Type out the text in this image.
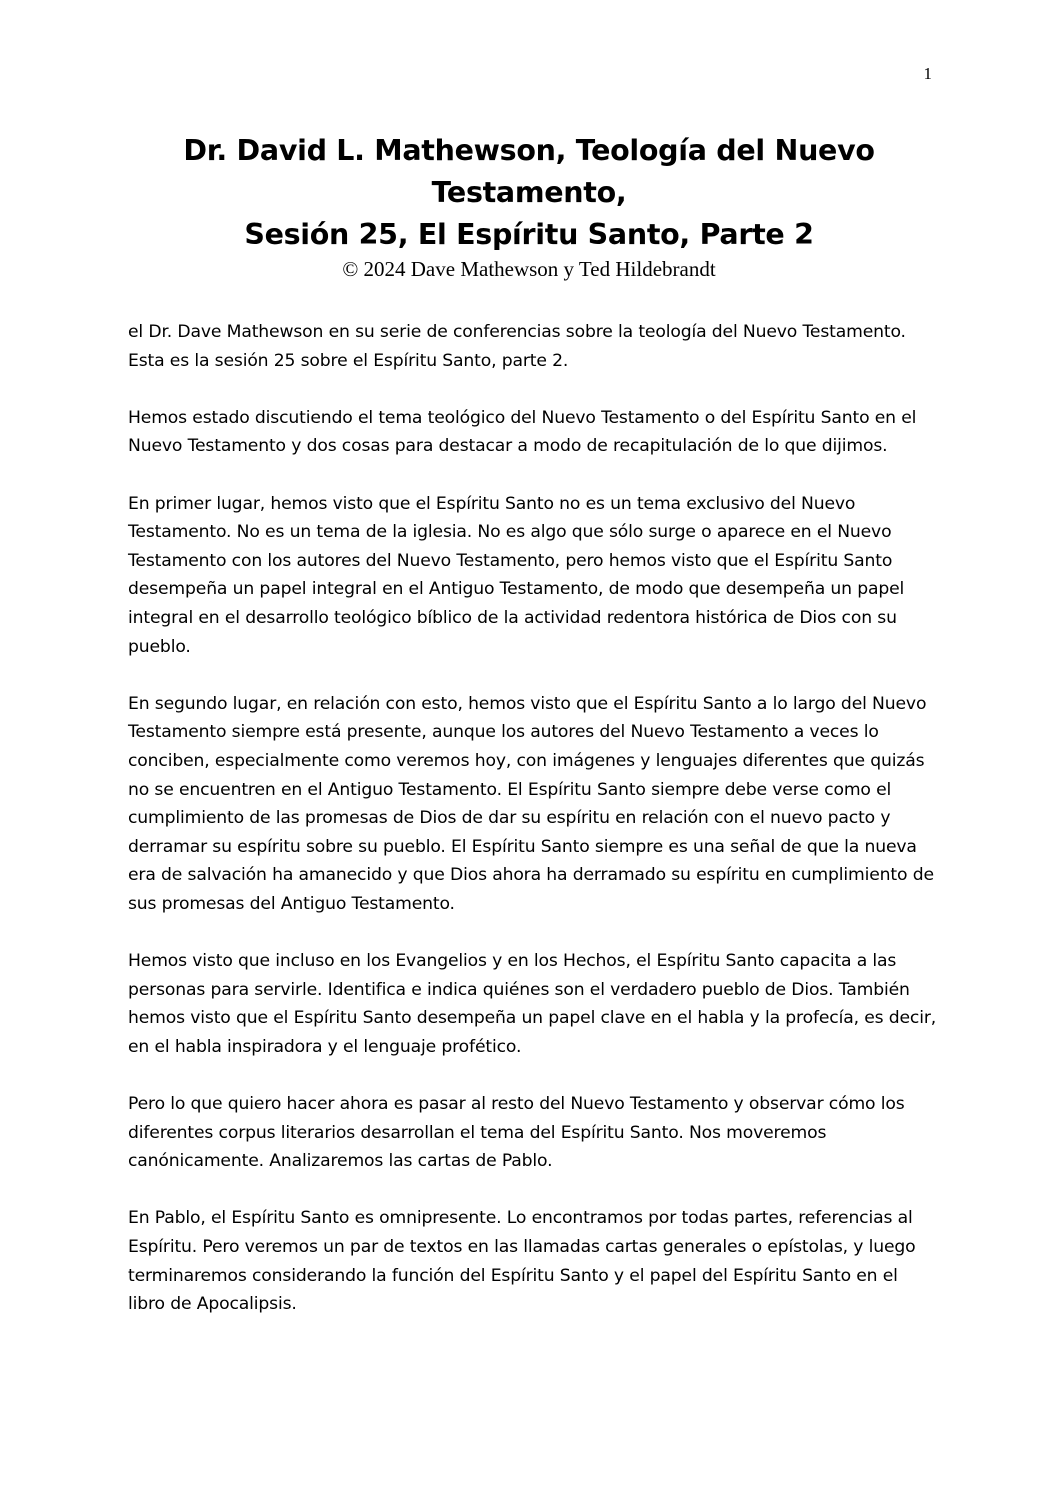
1
Dr. David L. Mathewson, Teología del Nuevo
Testamento,
Sesión 25, El Espíritu Santo, Parte 2
© 2024 Dave Mathewson y Ted Hildebrandt

el Dr. Dave Mathewson en su serie de conferencias sobre la teología del Nuevo Testamento. Esta es la sesión 25 sobre el Espíritu Santo, parte 2.

Hemos estado discutiendo el tema teológico del Nuevo Testamento o del Espíritu Santo en el Nuevo Testamento y dos cosas para destacar a modo de recapitulación de lo que dijimos.

En primer lugar, hemos visto que el Espíritu Santo no es un tema exclusivo del Nuevo Testamento. No es un tema de la iglesia. No es algo que sólo surge o aparece en el Nuevo Testamento con los autores del Nuevo Testamento, pero hemos visto que el Espíritu Santo desempeña un papel integral en el Antiguo Testamento, de modo que desempeña un papel integral en el desarrollo teológico bíblico de la actividad redentora histórica de Dios con su pueblo.

En segundo lugar, en relación con esto, hemos visto que el Espíritu Santo a lo largo del Nuevo Testamento siempre está presente, aunque los autores del Nuevo Testamento a veces lo conciben, especialmente como veremos hoy, con imágenes y lenguajes diferentes que quizás no se encuentren en el Antiguo Testamento. El Espíritu Santo siempre debe verse como el cumplimiento de las promesas de Dios de dar su espíritu en relación con el nuevo pacto y derramar su espíritu sobre su pueblo. El Espíritu Santo siempre es una señal de que la nueva era de salvación ha amanecido y que Dios ahora ha derramado su espíritu en cumplimiento de sus promesas del Antiguo Testamento.

Hemos visto que incluso en los Evangelios y en los Hechos, el Espíritu Santo capacita a las personas para servirle. Identifica e indica quiénes son el verdadero pueblo de Dios. También hemos visto que el Espíritu Santo desempeña un papel clave en el habla y la profecía, es decir, en el habla inspiradora y el lenguaje profético.

Pero lo que quiero hacer ahora es pasar al resto del Nuevo Testamento y observar cómo los diferentes corpus literarios desarrollan el tema del Espíritu Santo. Nos moveremos canónicamente. Analizaremos las cartas de Pablo.

En Pablo, el Espíritu Santo es omnipresente. Lo encontramos por todas partes, referencias al Espíritu. Pero veremos un par de textos en las llamadas cartas generales o epístolas, y luego terminaremos considerando la función del Espíritu Santo y el papel del Espíritu Santo en el libro de Apocalipsis.
